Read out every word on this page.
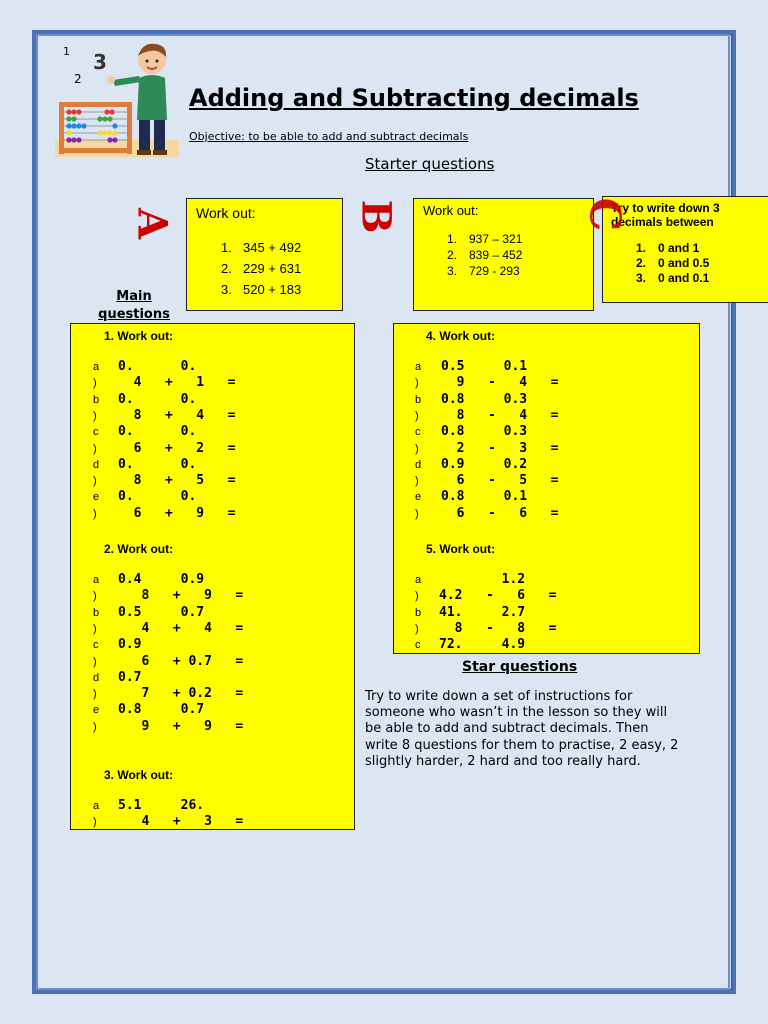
1 3
2
Adding and Subtracting decimals
Objective: to be able to add and subtract decimals
Starter questions
A Work out:
1. 345 + 492
2. 229 + 631
3. 520 + 183
B Work out:
1. 937 – 321
2. 839 – 452
3. 729 - 293
Try to write down 3 decimals between
1. 0 and 1
2. 0 and 0.5
3. 0 and 0.1
C
Main questions
1. Work out:
a 0.      0.
) 4   +   1   =
b 0.      0.
) 8   +   4   =
c 0.      0.
) 6   +   2   =
d 0.      0.
) 8   +   5   =
e 0.      0.
) 6   +   9   =
2. Work out:
a 0.4     0.9
) 8   +   9   =
b 0.5     0.7
) 4   +   4   =
c 0.9
) 6   + 0.7   =
d 0.7
) 7   + 0.2   =
e 0.8     0.7
) 9   +   9   =
3. Work out:
a 5.1     26.
) 4   +   3   =
4. Work out:
a 0.5     0.1
) 9   -   4   =
b 0.8     0.3
) 8   -   4   =
c 0.8     0.3
) 2   -   3   =
d 0.9     0.2
) 6   -   5   =
e 0.8     0.1
) 6   -   6   =
5. Work out:
a 1.2
) 4.2   -   6   =
b 41.     2.7
) 8   -   8   =
c 72.     4.9
Star questions
Try to write down a set of instructions for someone who wasn’t in the lesson so they will be able to add and subtract decimals. Then write 8 questions for them to practise, 2 easy, 2 slightly harder, 2 hard and too really hard.
